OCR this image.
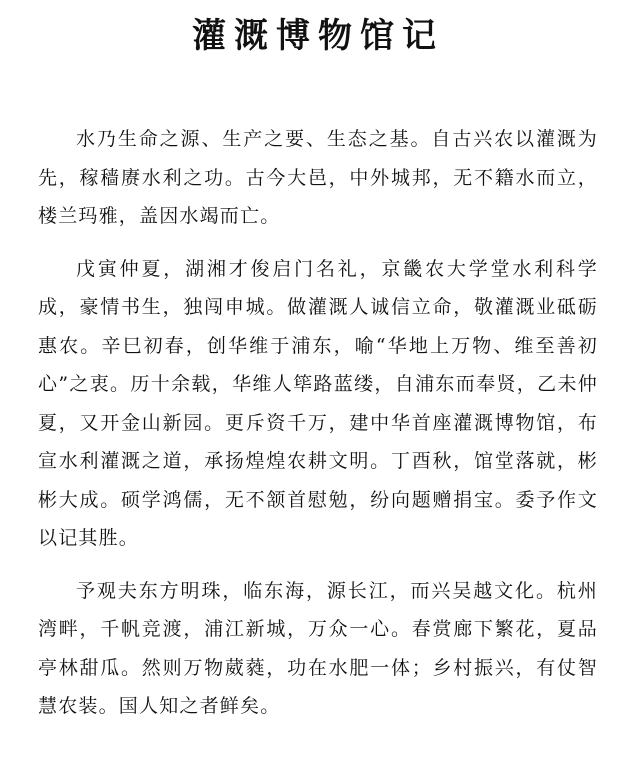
灌溉博物馆记

水乃生命之源、生产之要、生态之基。自古兴农以灌溉为先，稼穑赓水利之功。古今大邑，中外城邦，无不籍水而立，楼兰玛雅，盖因水竭而亡。

戊寅仲夏，湖湘才俊启门名礼，京畿农大学堂水利科学成，豪情书生，独闯申城。做灌溉人诚信立命，敬灌溉业砥砺惠农。辛巳初春，创华维于浦东，喻“华地上万物、维至善初心”之衷。历十余载，华维人筚路蓝缕，自浦东而奉贤，乙未仲夏，又开金山新园。更斥资千万，建中华首座灌溉博物馆，布宣水利灌溉之道，承扬煌煌农耕文明。丁酉秋，馆堂落就，彬彬大成。硕学鸿儒，无不颔首慰勉，纷向题赠捐宝。委予作文以记其胜。

予观夫东方明珠，临东海，源长江，而兴吴越文化。杭州湾畔，千帆竞渡，浦江新城，万众一心。春赏廊下繁花，夏品亭林甜瓜。然则万物葳蕤，功在水肥一体；乡村振兴，有仗智慧农装。国人知之者鲜矣。
